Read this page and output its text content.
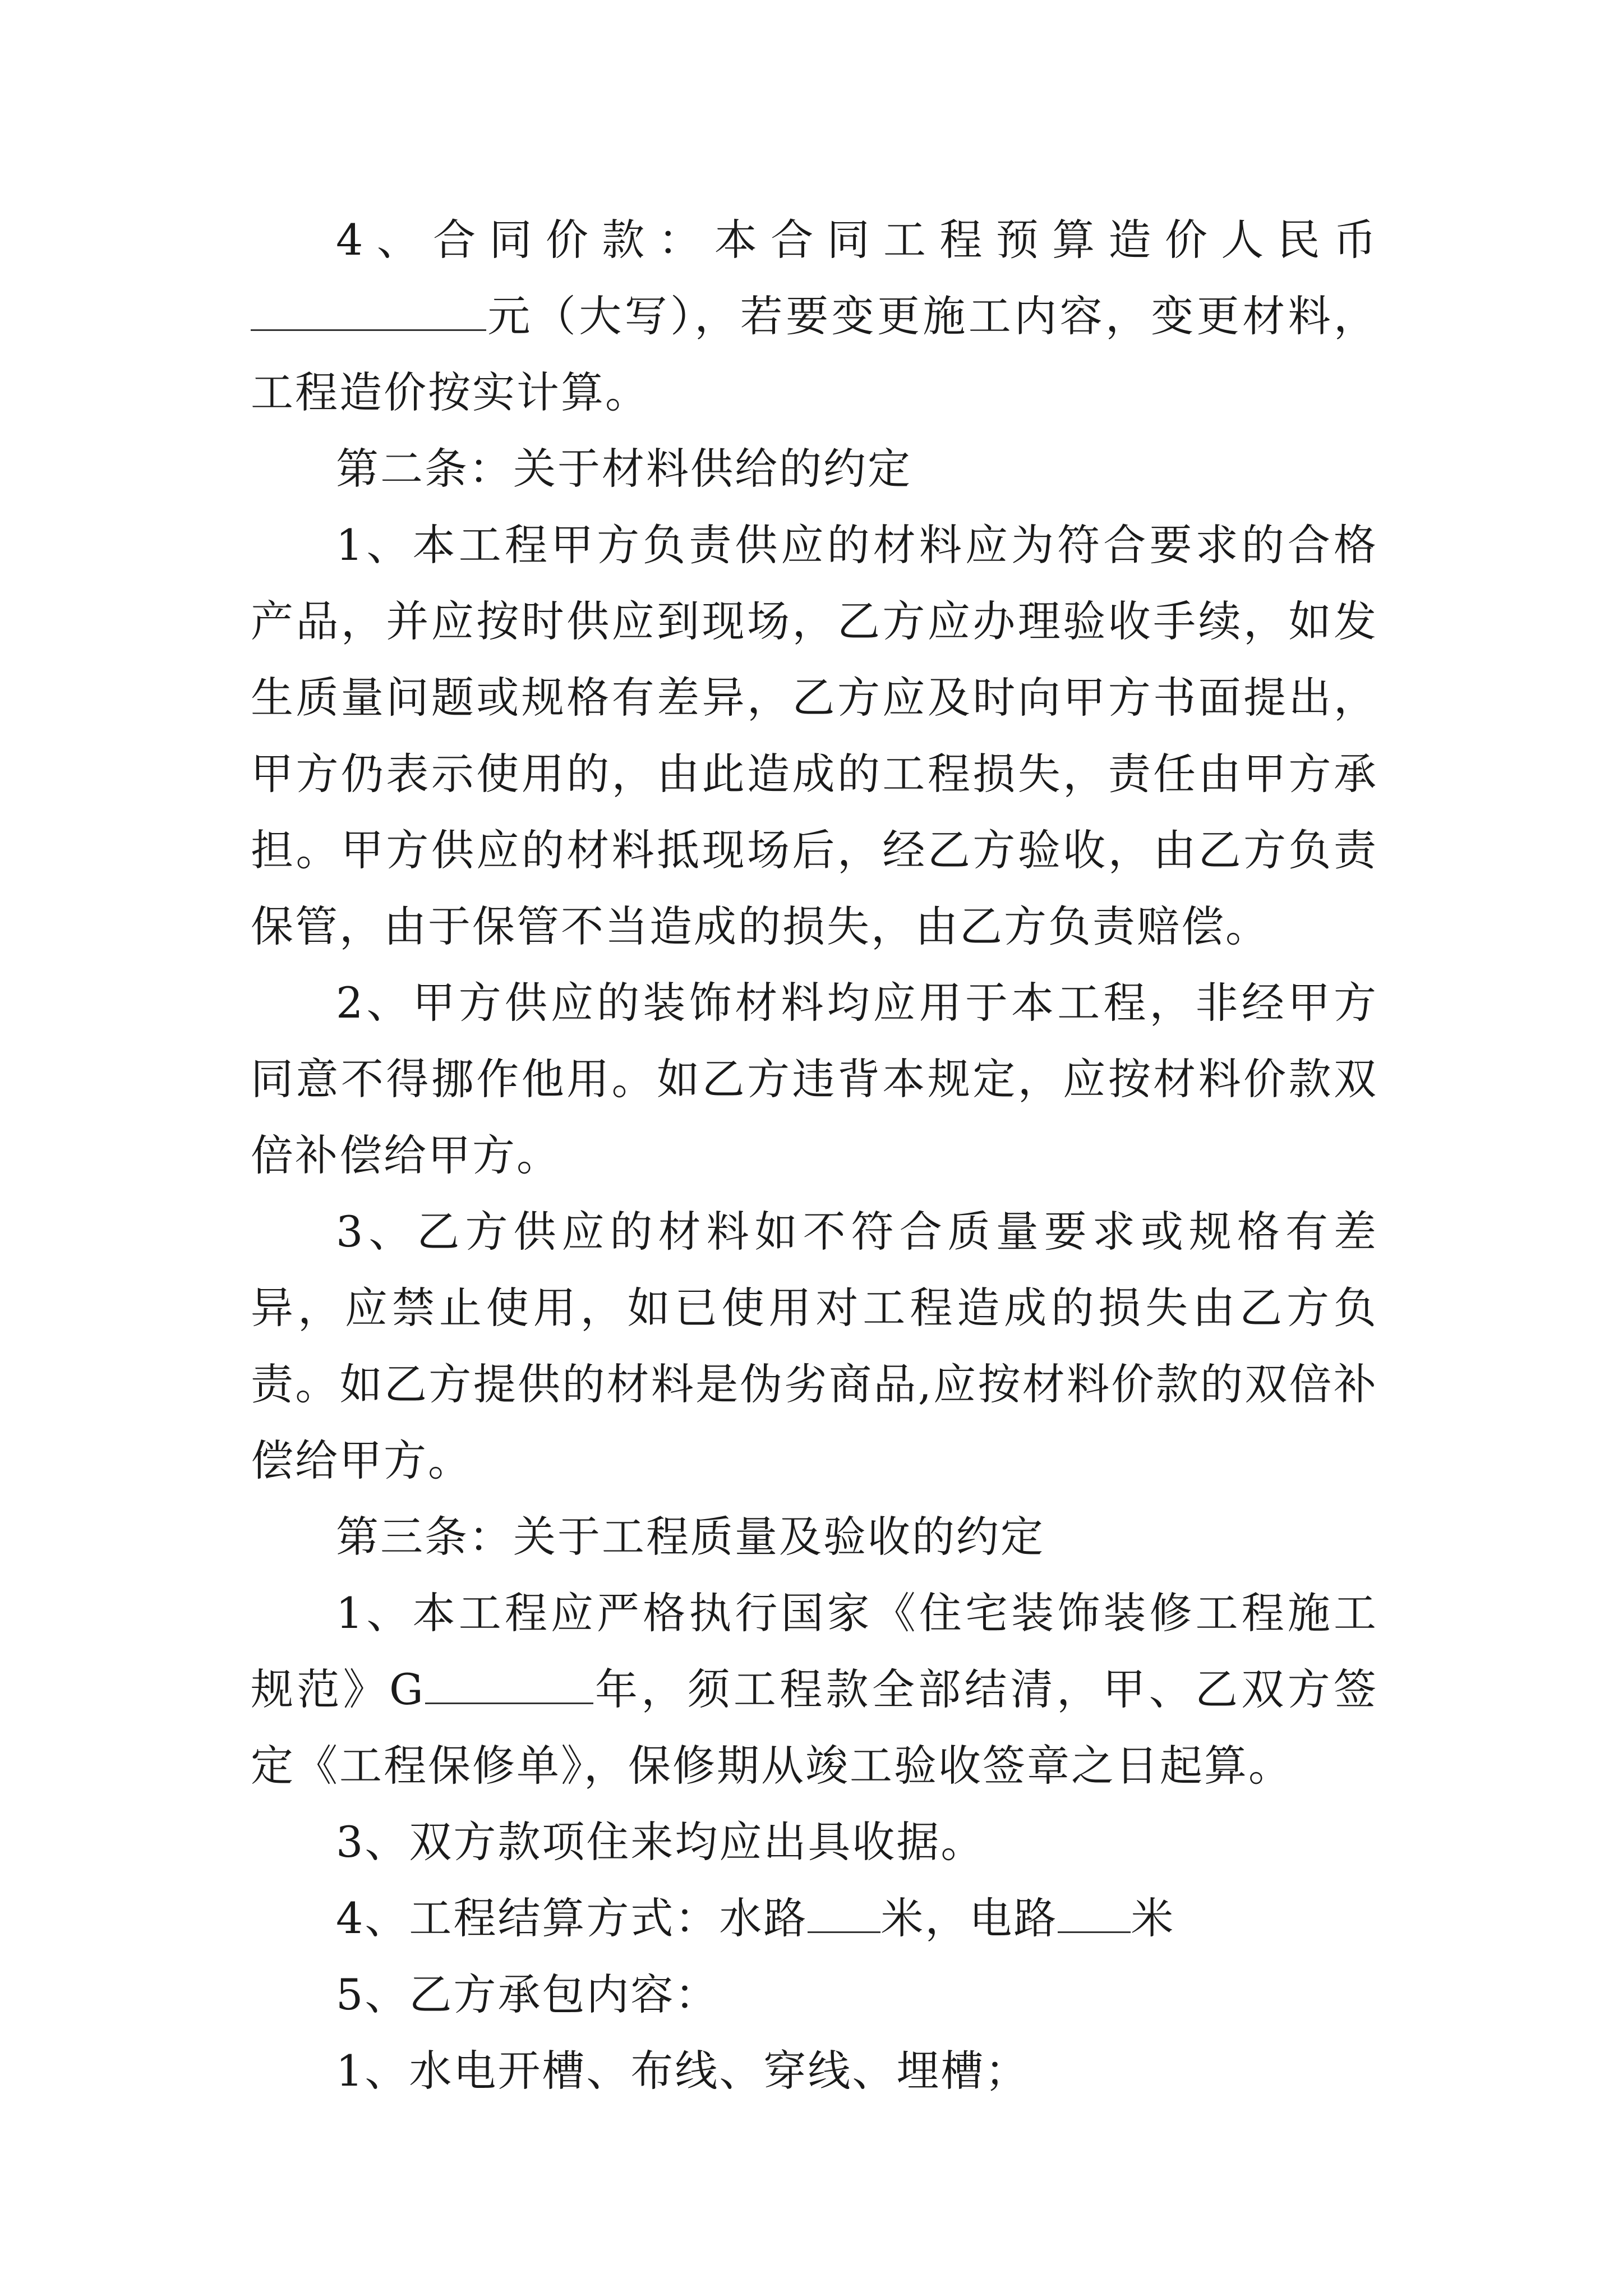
4、合同价款：本合同工程预算造价人民币元（大写），若要变更施工内容，变更材料，工程造价按实计算。

第二条：关于材料供给的约定

1、本工程甲方负责供应的材料应为符合要求的合格产品，并应按时供应到现场，乙方应办理验收手续，如发生质量问题或规格有差异，乙方应及时向甲方书面提出，甲方仍表示使用的，由此造成的工程损失，责任由甲方承担。甲方供应的材料抵现场后，经乙方验收，由乙方负责保管，由于保管不当造成的损失，由乙方负责赔偿。

2、甲方供应的装饰材料均应用于本工程，非经甲方同意不得挪作他用。如乙方违背本规定，应按材料价款双倍补偿给甲方。

3、乙方供应的材料如不符合质量要求或规格有差异，应禁止使用，如已使用对工程造成的损失由乙方负责。如乙方提供的材料是伪劣商品,应按材料价款的双倍补偿给甲方。

第三条：关于工程质量及验收的约定

1、本工程应严格执行国家《住宅装饰装修工程施工规范》G	年，须工程款全部结清，甲、乙双方签定《工程保修单》，保修期从竣工验收签章之日起算。

3、双方款项住来均应出具收据。

4、工程结算方式：水路 米，电路 米

5、乙方承包内容：

1、水电开槽、布线、穿线、埋槽；
